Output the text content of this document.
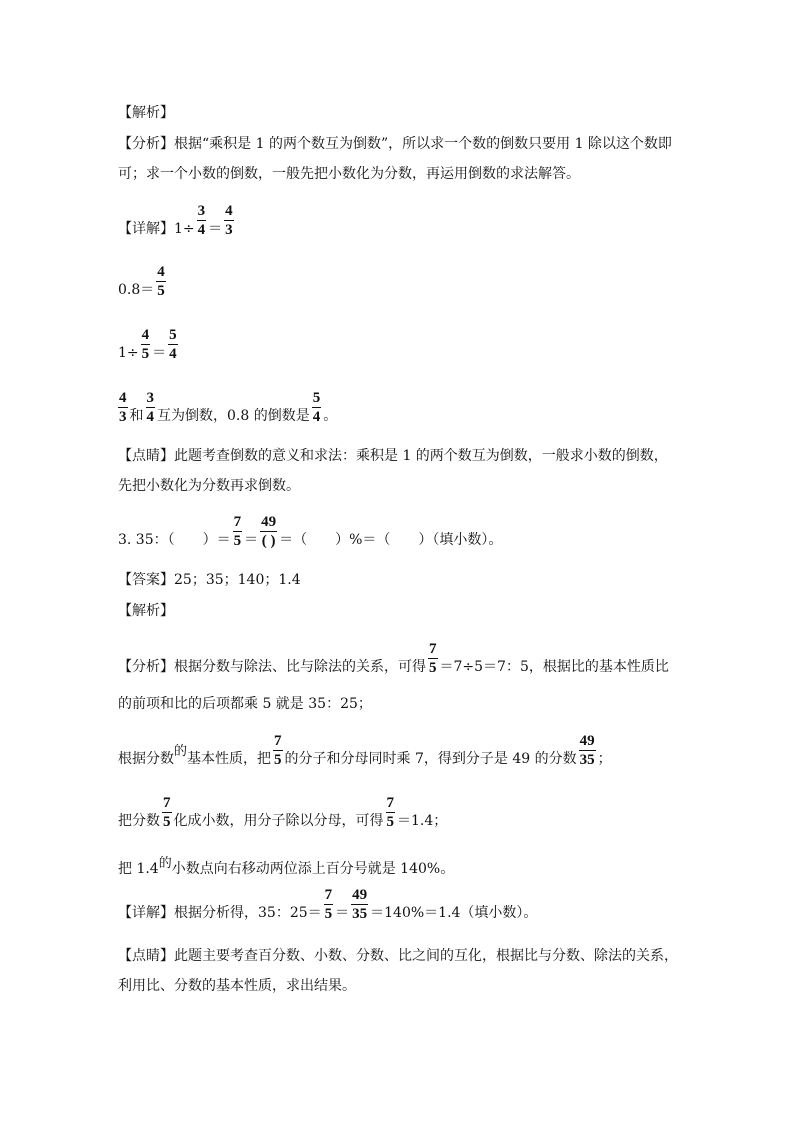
【解析】
【分析】根据“乘积是 1 的两个数互为倒数”，所以求一个数的倒数只要用 1 除以这个数即
可；求一个小数的倒数，一般先把小数化为分数，再运用倒数的求法解答。
【详解】$1\div \frac{3}{4} = \frac{4}{3}$
$0.8= \frac{4}{5}$
$1\div \frac{4}{5} = \frac{5}{4}$
$\frac{4}{3}$ 和 $\frac{3}{4}$ 互为倒数，0.8 的倒数是 $\frac{5}{4}$ 。
【点睛】此题考查倒数的意义和求法：乘积是 1 的两个数互为倒数，一般求小数的倒数，
先把小数化为分数再求倒数。
3. 35：（　　）＝ $\frac{7}{5} = \frac{49}{( )}$ ＝（　　）%＝（　　）（填小数）。
【答案】25；35；140；1.4
【解析】
【分析】根据分数与除法、比与除法的关系，可得 $\frac{7}{5} =7\div 5=7$：5，根据比的基本性质比
的前项和比的后项都乘 5 就是 35：25；
根据分数的基本性质，把 $\frac{7}{5}$ 的分子和分母同时乘 7，得到分子是 49 的分数 $\frac{49}{35}$ ；
把分数 $\frac{7}{5}$ 化成小数，用分子除以分母，可得 $\frac{7}{5} =1.4$；
把 1.4的小数点向右移动两位添上百分号就是 140%。
【详解】根据分析得，35：$25= \frac{7}{5} = \frac{49}{35} =140\%=1.4$（填小数）。
【点睛】此题主要考查百分数、小数、分数、比之间的互化，根据比与分数、除法的关系，
利用比、分数的基本性质，求出结果。
